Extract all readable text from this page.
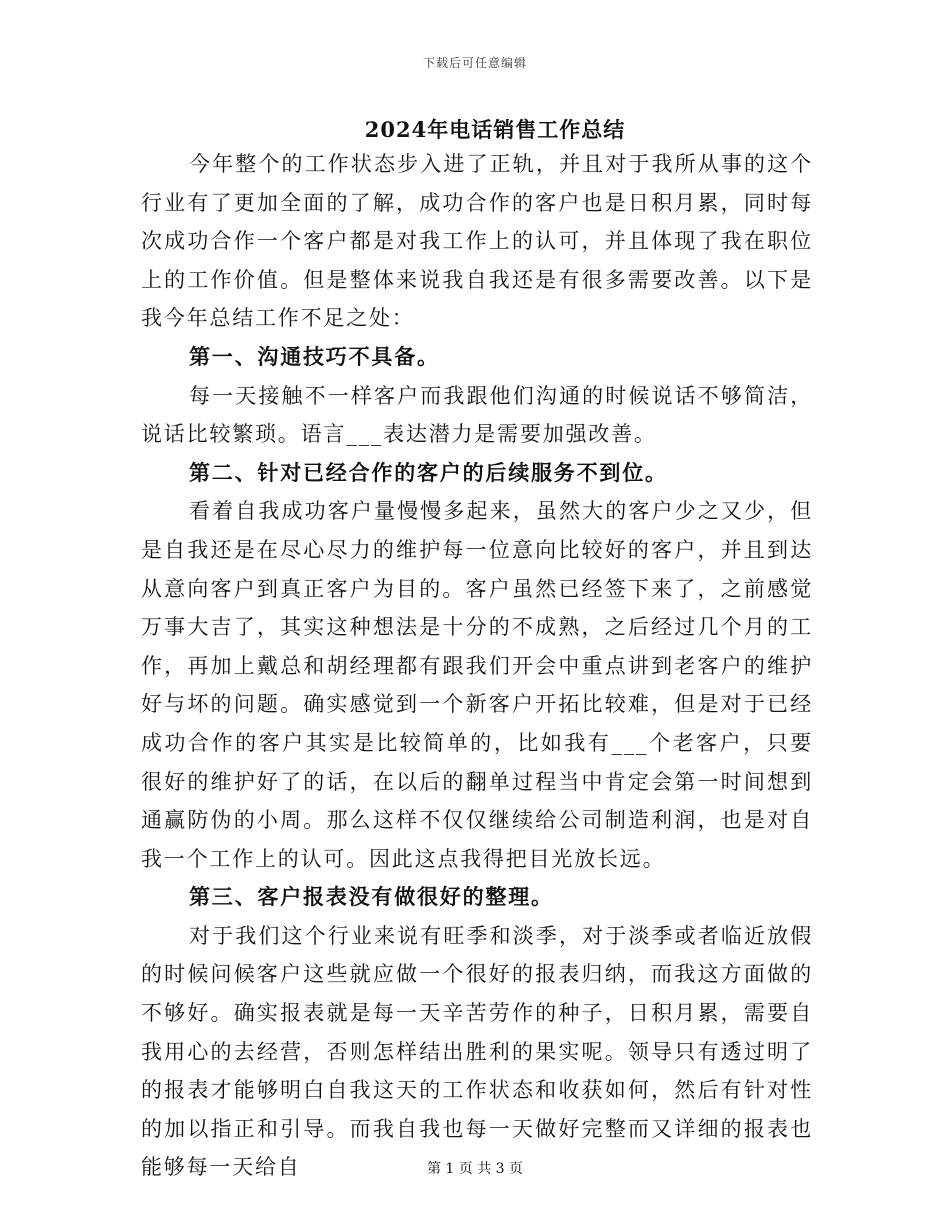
下载后可任意编辑
2024年电话销售工作总结

今年整个的工作状态步入进了正轨，并且对于我所从事的这个行业有了更加全面的了解，成功合作的客户也是日积月累，同时每次成功合作一个客户都是对我工作上的认可，并且体现了我在职位上的工作价值。但是整体来说我自我还是有很多需要改善。以下是我今年总结工作不足之处：

第一、沟通技巧不具备。

每一天接触不一样客户而我跟他们沟通的时候说话不够简洁，说话比较繁琐。语言___表达潜力是需要加强改善。

第二、针对已经合作的客户的后续服务不到位。

看着自我成功客户量慢慢多起来，虽然大的客户少之又少，但是自我还是在尽心尽力的维护每一位意向比较好的客户，并且到达从意向客户到真正客户为目的。客户虽然已经签下来了，之前感觉万事大吉了，其实这种想法是十分的不成熟，之后经过几个月的工作，再加上戴总和胡经理都有跟我们开会中重点讲到老客户的维护好与坏的问题。确实感觉到一个新客户开拓比较难，但是对于已经成功合作的客户其实是比较简单的，比如我有___个老客户，只要很好的维护好了的话，在以后的翻单过程当中肯定会第一时间想到通赢防伪的小周。那么这样不仅仅继续给公司制造利润，也是对自我一个工作上的认可。因此这点我得把目光放长远。

第三、客户报表没有做很好的整理。

对于我们这个行业来说有旺季和淡季，对于淡季或者临近放假的时候问候客户这些就应做一个很好的报表归纳，而我这方面做的不够好。确实报表就是每一天辛苦劳作的种子，日积月累，需要自我用心的去经营，否则怎样结出胜利的果实呢。领导只有透过明了的报表才能够明白自我这天的工作状态和收获如何，然后有针对性的加以指正和引导。而我自我也每一天做好完整而又详细的报表也能够每一天给自	第 1 页 共 3 页
